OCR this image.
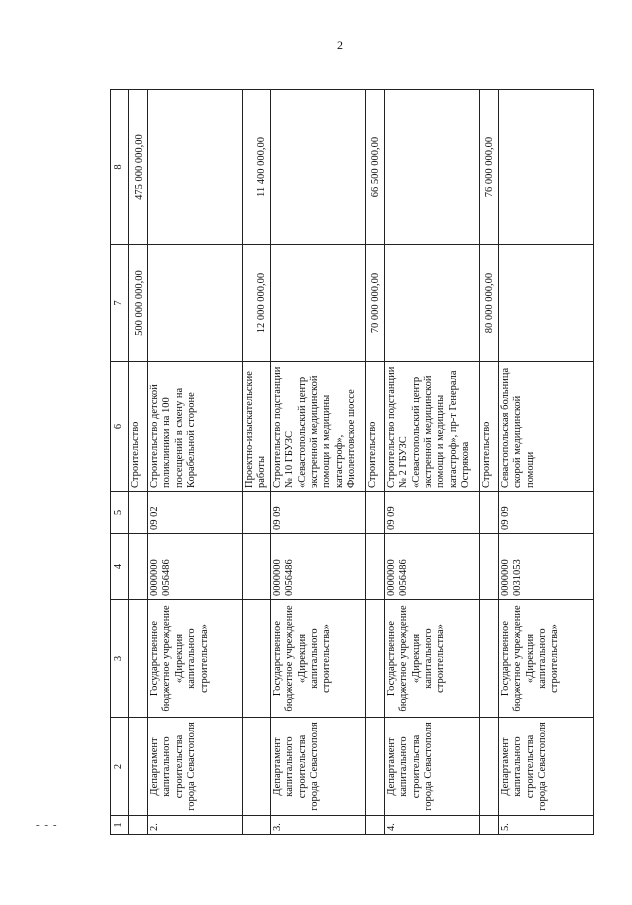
2
- - -	1	2	3	4	5	6	7	8
					Строительство	500 000 000,00	475 000 000,00
2.	Департамент капитального строительства города Севастополя	Государственное бюджетное учреждение «Дирекция капитального строительства»	0000000 0056486	09 02	Строительство детской поликлиники на 100 посещений в смену на Корабельной стороне		
					Проектно-изыскательские работы	12 000 000,00	11 400 000,00
3.	Департамент капитального строительства города Севастополя	Государственное бюджетное учреждение «Дирекция капитального строительства»	0000000 0056486	09 09	Строительство подстанции № 10 ГБУЗС «Севастопольский центр экстренной медицинской помощи и медицины катастроф», Фиолентовское шоссе		
					Строительство	70 000 000,00	66 500 000,00
4.	Департамент капитального строительства города Севастополя	Государственное бюджетное учреждение «Дирекция капитального строительства»	0000000 0056486	09 09	Строительство подстанции № 2 ГБУЗС «Севастопольский центр экстренной медицинской помощи и медицины катастроф», пр-т Генерала Острякова		
					Строительство	80 000 000,00	76 000 000,00
5.	Департамент капитального строительства города Севастополя	Государственное бюджетное учреждение «Дирекция капитального строительства»	0000000 0031053	09 09	Севастопольская больница скорой медицинской помощи		
